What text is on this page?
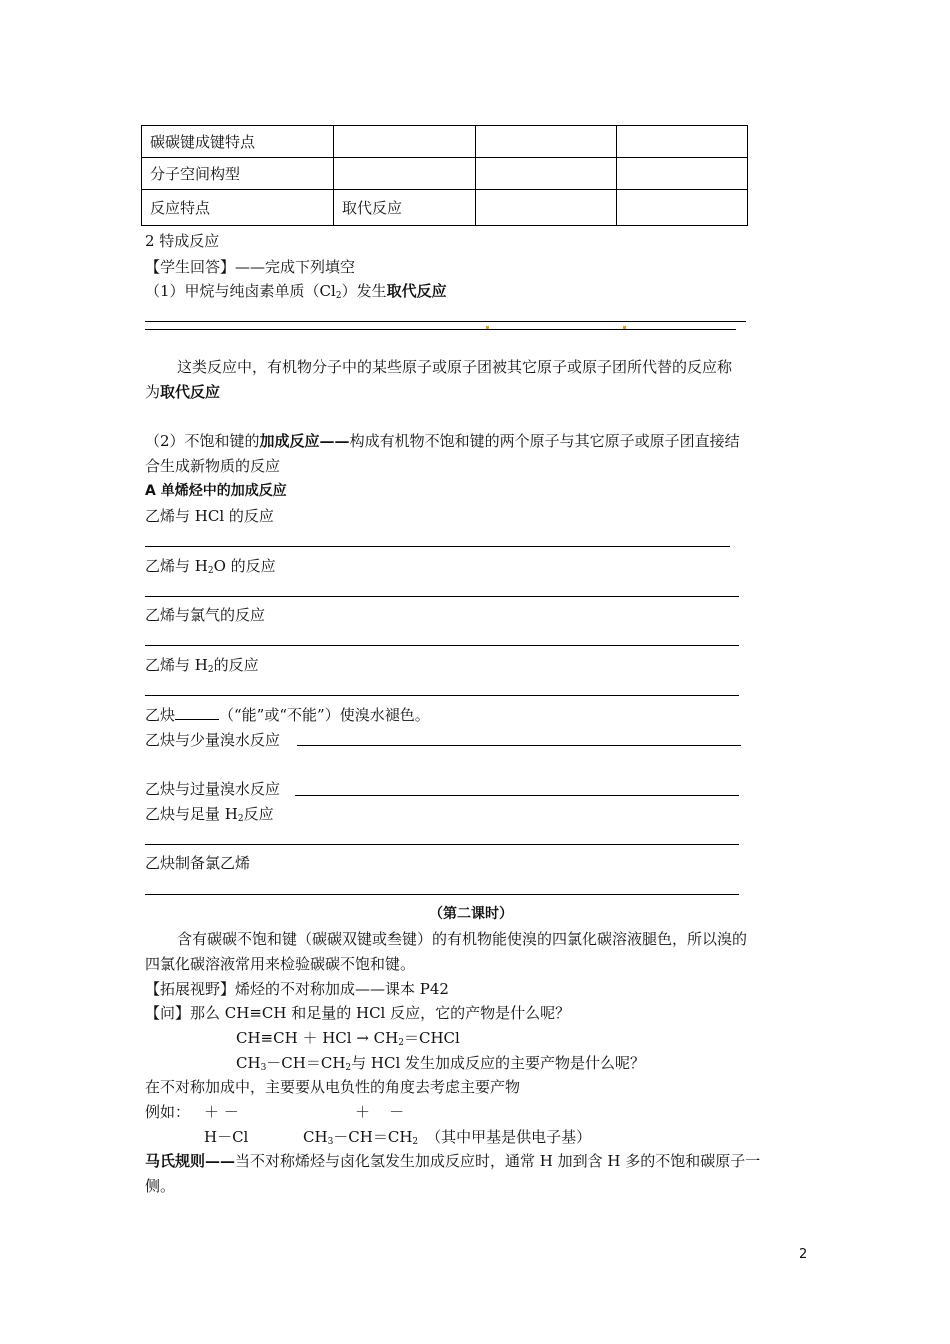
碳碳键成键特点			
分子空间构型			
反应特点	取代反应		
2 特成反应
【学生回答】——完成下列填空
（1）甲烷与纯卤素单质$(Cl_2)$发生取代反应
这类反应中，有机物分子中的某些原子或原子团被其它原子或原子团所代替的反应称
为取代反应
（2）不饱和键的加成反应——构成有机物不饱和键的两个原子与其它原子或原子团直接结
合生成新物质的反应
A 单烯烃中的加成反应
乙烯与 HCl 的反应
乙烯与 $H_2O$ 的反应
乙烯与氯气的反应
乙烯与 $H_2$的反应
乙炔	（“能”或“不能”）使溴水褪色。
乙炔与少量溴水反应
乙炔与过量溴水反应
乙炔与足量 $H_2$反应
乙炔制备氯乙烯
（第二课时）
含有碳碳不饱和键（碳碳双键或叁键）的有机物能使溴的四氯化碳溶液腿色，所以溴的
四氯化碳溶液常用来检验碳碳不饱和键。
【拓展视野】烯烃的不对称加成——课本 P42
【问】那么 CH≡CH 和足量的 HCl 反应，它的产物是什么呢？
CH≡CH ＋ HCl → $CH_2=CHCl$
$CH_3-CH=CH_2$与 HCl 发生加成反应的主要产物是什么呢？
在不对称加成中，主要要从电负性的角度去考虑主要产物
例如： ＋ －	＋    －
H－Cl	$CH_3-CH=CH_2$ （其中甲基是供电子基）
马氏规则——当不对称烯烃与卤化氢发生加成反应时，通常 H 加到含 H 多的不饱和碳原子一
侧。
2
